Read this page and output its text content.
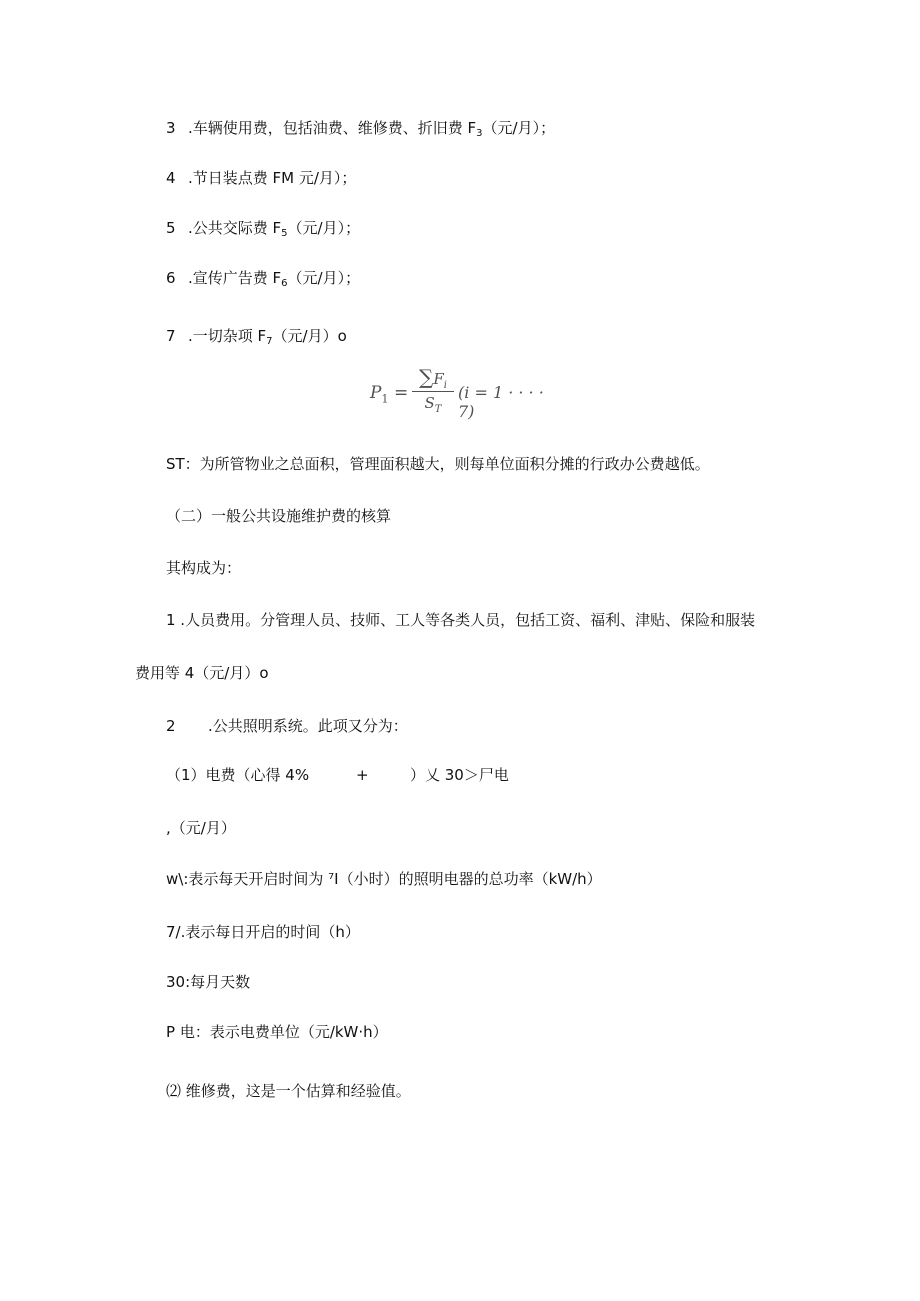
3 .车辆使用费，包括油费、维修费、折旧费 $F_3$（元/月）；
4 .节日装点费 FM 元/月）；
5 .公共交际费 $F_5$（元/月）；
6 .宣传广告费 $F_6$（元/月）；
7 .一切杂项 $F_7$（元/月）o
$P_1$ =
$\sum F_i$
$S_T$
(i = 1 · · · · 7)
ST：为所管物业之总面积，管理面积越大，则每单位面积分摊的行政办公费越低。
（二）一般公共设施维护费的核算
其构成为：
1 .人员费用。分管理人员、技师、工人等各类人员，包括工资、福利、津贴、保险和服装
费用等 4（元/月）o
2 .公共照明系统。此项又分为：
（1）电费（心得 4%	+	）乂 30＞尸电
,（元/月）
w\:表示每天开启时间为 ⁷I（小时）的照明电器的总功率（kW/h）
7/.表示每日开启的时间（h）
30:每月天数
P 电：表示电费单位（元/kW·h）
⑵ 维修费，这是一个估算和经验值。
